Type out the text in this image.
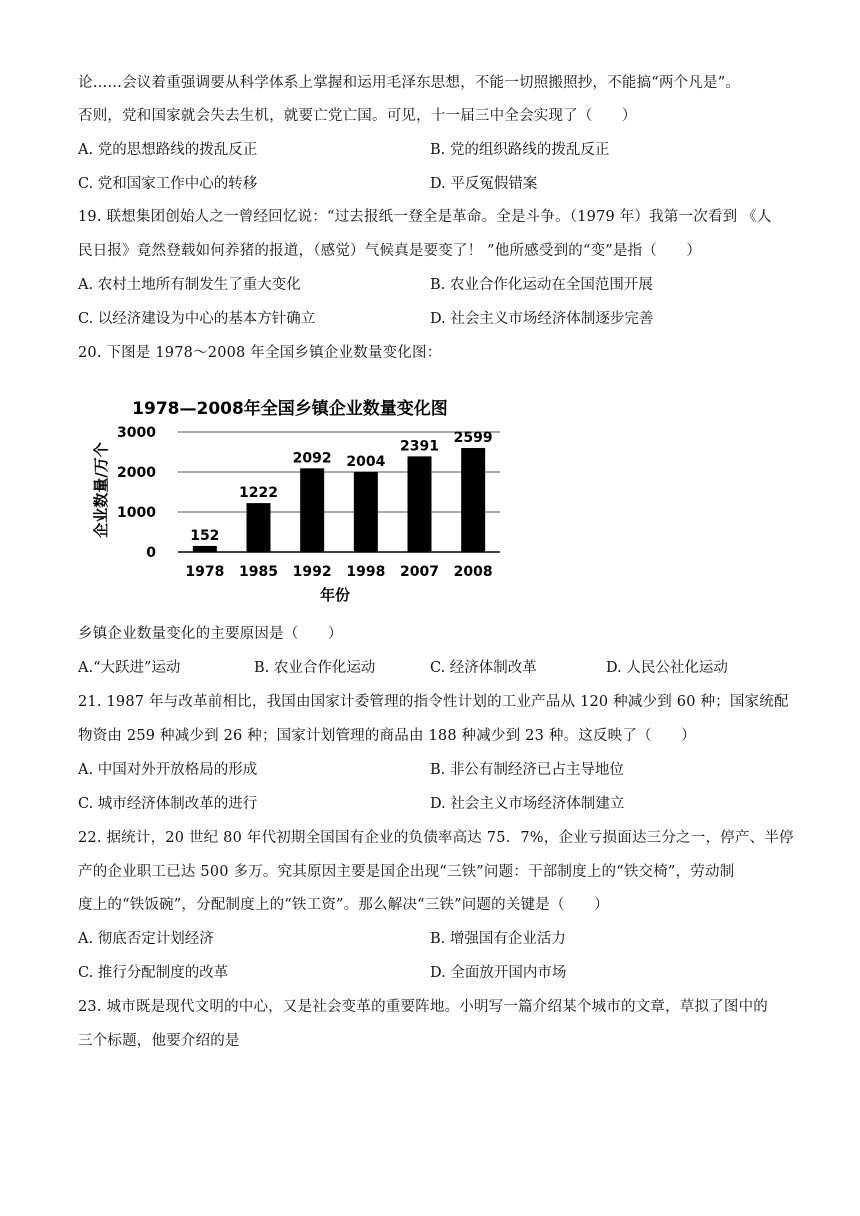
论……会议着重强调要从科学体系上掌握和运用毛泽东思想，不能一切照搬照抄，不能搞“两个凡是”。
否则，党和国家就会失去生机，就要亡党亡国。可见，十一届三中全会实现了（　　）
A. 党的思想路线的拨乱反正	B. 党的组织路线的拨乱反正
C. 党和国家工作中心的转移	D. 平反冤假错案
19. 联想集团创始人之一曾经回忆说：“过去报纸一登全是革命。全是斗争。（1979 年）我第一次看到 《人
民日报》竟然登载如何养猪的报道，（感觉）气候真是要变了！ ”他所感受到的“变”是指（　　）
A. 农村土地所有制发生了重大变化	B. 农业合作化运动在全国范围开展
C. 以经济建设为中心的基本方针确立	D. 社会主义市场经济体制逐步完善
20. 下图是 1978～2008 年全国乡镇企业数量变化图：
1978—2008年全国乡镇企业数量变化图
企业数量/万个
年份
0
1000
2000
3000
152
1222
2092 2004
2391
2599
1978 1985 1992 1998 2007 2008
乡镇企业数量变化的主要原因是（　　）
A.“大跃进”运动	B. 农业合作化运动	C. 经济体制改革	D. 人民公社化运动
21. 1987 年与改革前相比，我国由国家计委管理的指令性计划的工业产品从 120 种减少到 60 种；国家统配
物资由 259 种减少到 26 种；国家计划管理的商品由 188 种减少到 23 种。这反映了（　　）
A. 中国对外开放格局的形成	B. 非公有制经济已占主导地位
C. 城市经济体制改革的进行	D. 社会主义市场经济体制建立
22. 据统计，20 世纪 80 年代初期全国国有企业的负债率高达 75．7%，企业亏损面达三分之一，停产、半停
产的企业职工已达 500 多万。究其原因主要是国企出现“三铁”问题：干部制度上的“铁交椅”，劳动制
度上的“铁饭碗”，分配制度上的“铁工资”。那么解决“三铁”问题的关键是（　　）
A. 彻底否定计划经济	B. 增强国有企业活力
C. 推行分配制度的改革	D. 全面放开国内市场
23. 城市既是现代文明的中心，又是社会变革的重要阵地。小明写一篇介绍某个城市的文章，草拟了图中的
三个标题，他要介绍的是
